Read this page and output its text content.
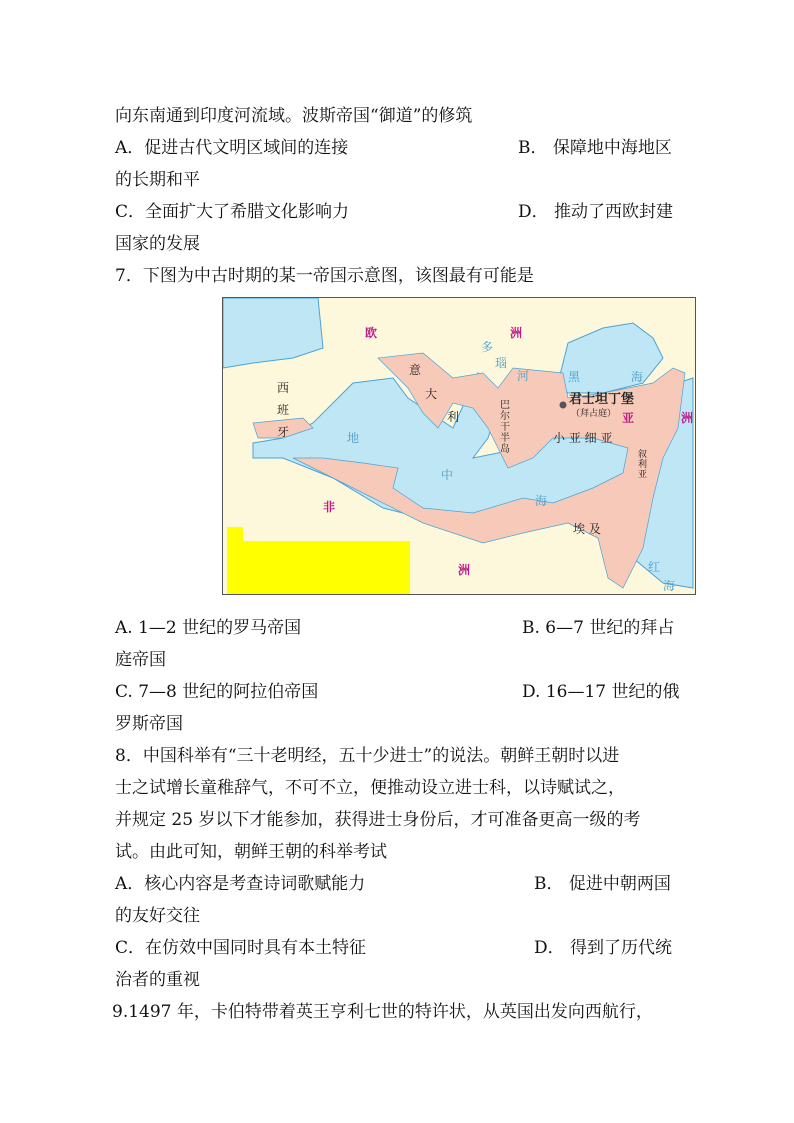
向东南通到印度河流域。波斯帝国“御道”的修筑
A．促进古代文明区域间的连接	B． 保障地中海地区
的长期和平
C．全面扩大了希腊文化影响力	D． 推动了西欧封建
国家的发展
7．下图为中古时期的某一帝国示意图，该图最有可能是
欧	洲
亚	洲
非
洲
多
瑙
河	黑	海
地
中
海
西
班
牙
意
大
利
巴尔干半岛
君士坦丁堡
（拜占庭）
小 亚 细 亚
叙利亚
埃 及
红
海
A. 1—2 世纪的罗马帝国	B. 6—7 世纪的拜占
庭帝国
C. 7—8 世纪的阿拉伯帝国	D. 16—17 世纪的俄
罗斯帝国
8．中国科举有“三十老明经，五十少进士”的说法。朝鲜王朝时以进
士之试增长童稚辞气，不可不立，便推动设立进士科，以诗赋试之，
并规定 25 岁以下才能参加，获得进士身份后，才可准备更高一级的考
试。由此可知，朝鲜王朝的科举考试
A．核心内容是考查诗词歌赋能力	B． 促进中朝两国
的友好交往
C．在仿效中国同时具有本土特征	D． 得到了历代统
治者的重视
9.1497 年，卡伯特带着英王亨利七世的特许状，从英国出发向西航行，
